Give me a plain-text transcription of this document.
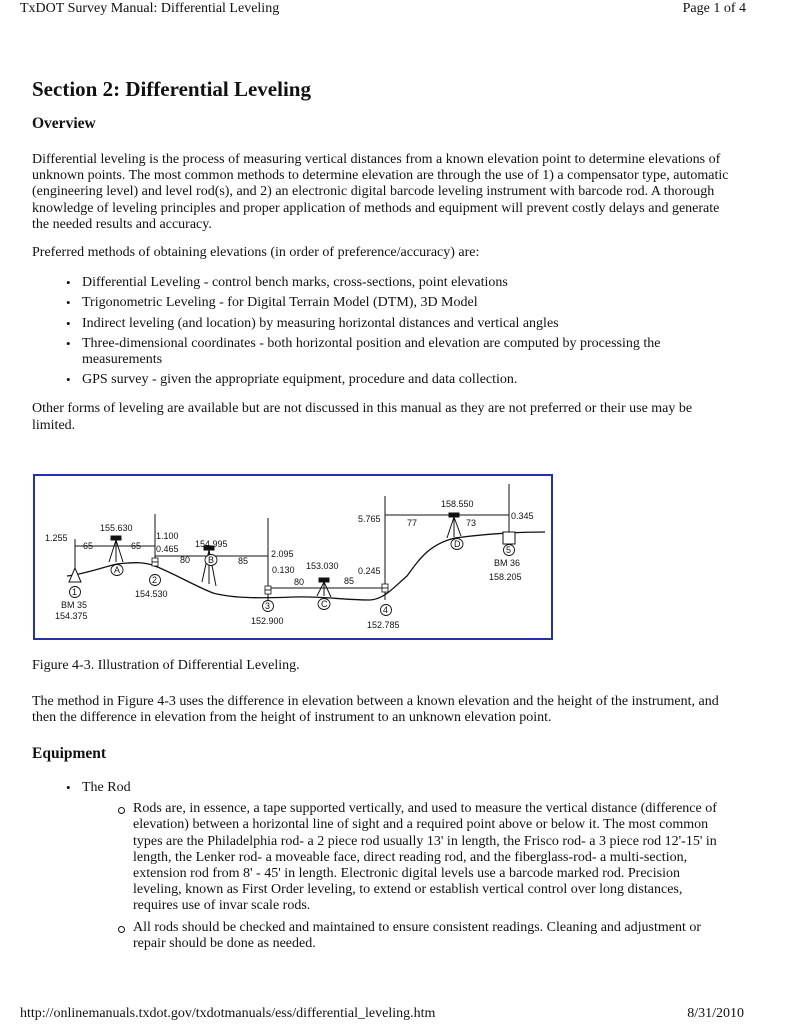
TxDOT Survey Manual: Differential Leveling	Page 1 of 4
Section 2: Differential Leveling
Overview

Differential leveling is the process of measuring vertical distances from a known elevation point to determine elevations of
unknown points. The most common methods to determine elevation are through the use of 1) a compensator type, automatic
(engineering level) and level rod(s), and 2) an electronic digital barcode leveling instrument with barcode rod. A thorough
knowledge of leveling principles and proper application of methods and equipment will prevent costly delays and generate
the needed results and accuracy.

Preferred methods of obtaining elevations (in order of preference/accuracy) are:

• Differential Leveling - control bench marks, cross-sections, point elevations
• Trigonometric Leveling - for Digital Terrain Model (DTM), 3D Model
• Indirect leveling (and location) by measuring horizontal distances and vertical angles
• Three-dimensional coordinates - both horizontal position and elevation are computed by processing the measurements
• GPS survey - given the appropriate equipment, procedure and data collection.

Other forms of leveling are available but are not discussed in this manual as they are not preferred or their use may be
limited.

Figure 4-3. Illustration of Differential Leveling.

The method in Figure 4-3 uses the difference in elevation between a known elevation and the height of the instrument, and
then the difference in elevation from the height of instrument to an unknown elevation point.

Equipment
• The Rod
Rods are, in essence, a tape supported vertically, and used to measure the vertical distance (difference of
elevation) between a horizontal line of sight and a required point above or below it. The most common
types are the Philadelphia rod- a 2 piece rod usually 13' in length, the Frisco rod- a 3 piece rod 12'-15' in
length, the Lenker rod- a moveable face, direct reading rod, and the fiberglass-rod- a multi-section,
extension rod from 8' - 45' in length. Electronic digital levels use a barcode marked rod. Precision
leveling, known as First Order leveling, to extend or establish vertical control over long distances,
requires use of invar scale rods.
All rods should be checked and maintained to ensure consistent readings. Cleaning and adjustment or
repair should be done as needed.
1.255
65
155.630
65
1.100
0.465
80
154.995
85
2.095
0.130 153.030
80	85
0.245
5.765	77
158.550
73
0.345
1
2
3	4
5
A
B
C
D
BM 35
154.375
154.530
152.900	152.785
BM 36
158.205
http://onlinemanuals.txdot.gov/txdotmanuals/ess/differential_leveling.htm	8/31/2010
